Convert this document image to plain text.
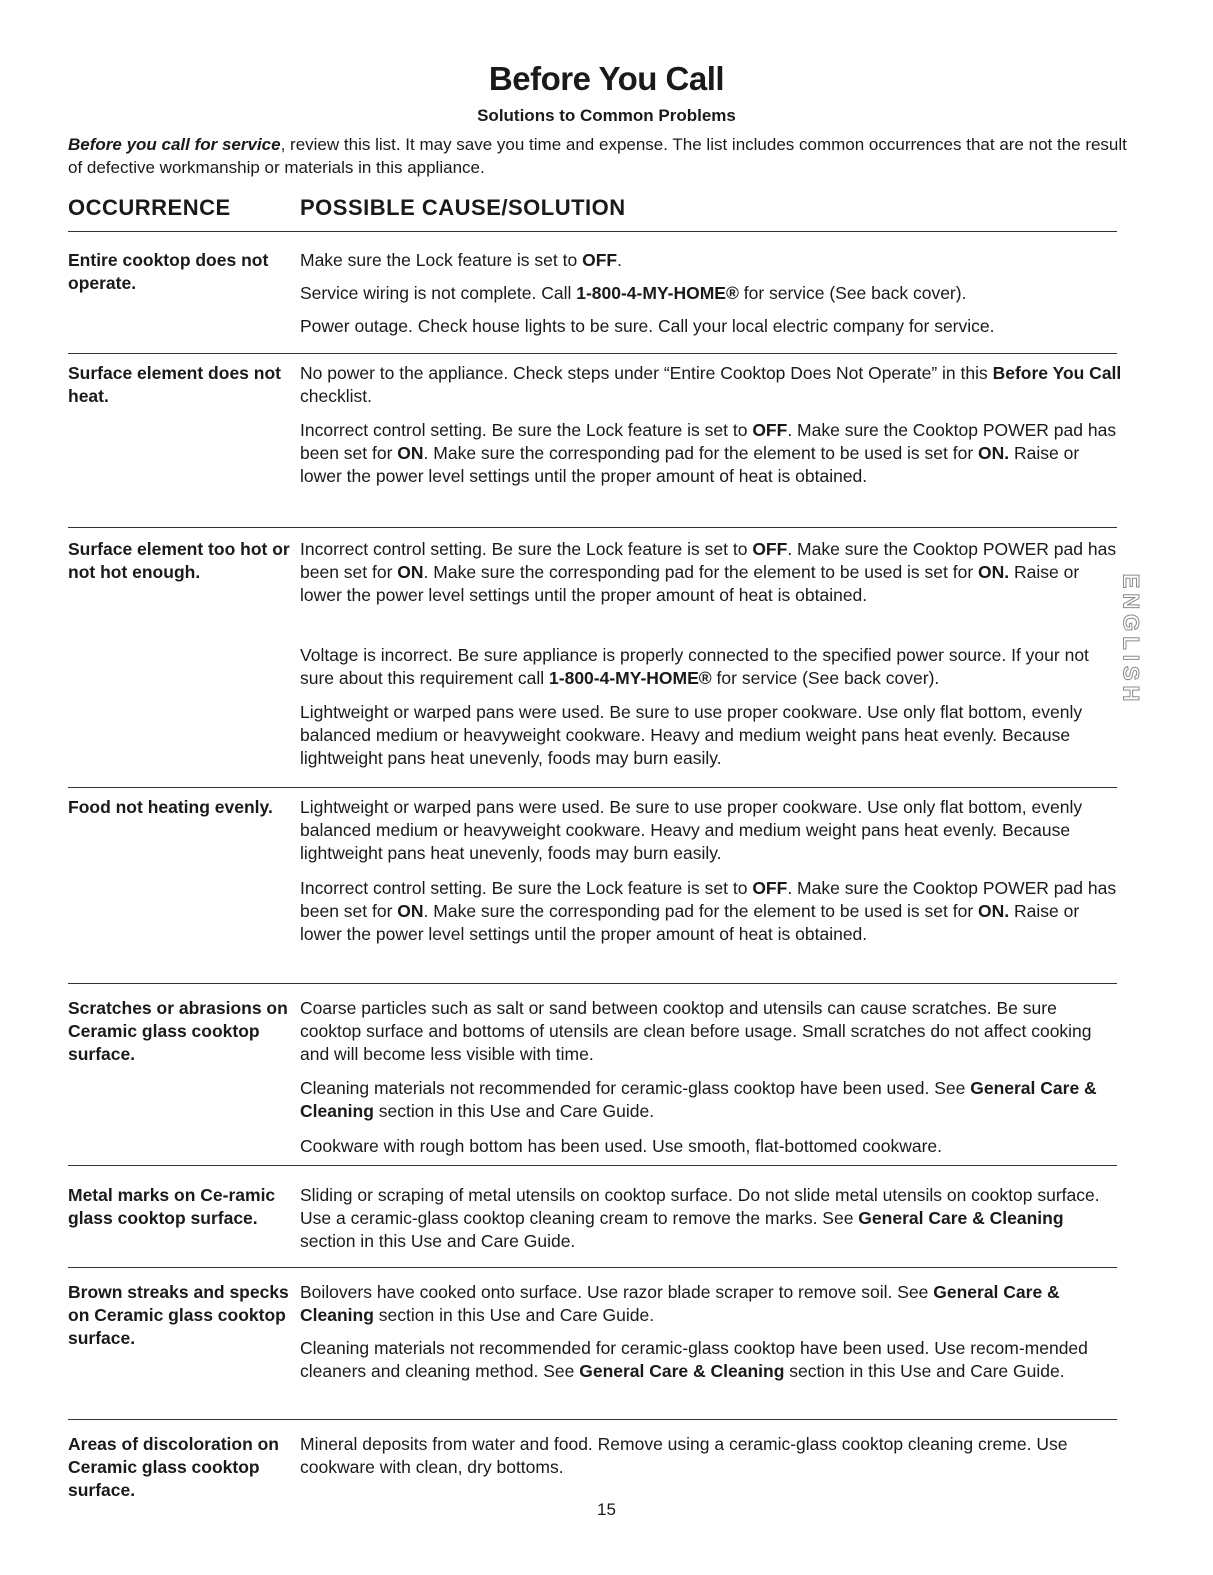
Before You Call
Solutions to Common Problems
Before you call for service, review this list. It may save you time and expense. The list includes common occurrences that are not the result of defective workmanship or materials in this appliance.
OCCURRENCE	POSSIBLE CAUSE/SOLUTION
Entire cooktop does not operate.
Make sure the Lock feature is set to OFF.
Service wiring is not complete. Call 1-800-4-MY-HOME® for service (See back cover).
Power outage. Check house lights to be sure. Call your local electric company for service.
Surface element does not heat.
No power to the appliance. Check steps under “Entire Cooktop Does Not Operate” in this Before You Call checklist.
Incorrect control setting. Be sure the Lock feature is set to OFF. Make sure the Cooktop POWER pad has been set for ON. Make sure the corresponding pad for the element to be used is set for ON. Raise or lower the power level settings until the proper amount of heat is obtained.
Surface element too hot or not hot enough.
Incorrect control setting. Be sure the Lock feature is set to OFF. Make sure the Cooktop POWER pad has been set for ON. Make sure the corresponding pad for the element to be used is set for ON. Raise or lower the power level settings until the proper amount of heat is obtained.
Voltage is incorrect. Be sure appliance is properly connected to the specified power source. If your not sure about this requirement call 1-800-4-MY-HOME® for service (See back cover).
Lightweight or warped pans were used. Be sure to use proper cookware. Use only flat bottom, evenly balanced medium or heavyweight cookware. Heavy and medium weight pans heat evenly. Because lightweight pans heat unevenly, foods may burn easily.
Food not heating evenly.	Lightweight or warped pans were used. Be sure to use proper cookware. Use only flat bottom, evenly balanced medium or heavyweight cookware. Heavy and medium weight pans heat evenly. Because lightweight pans heat unevenly, foods may burn easily.
Incorrect control setting. Be sure the Lock feature is set to OFF. Make sure the Cooktop POWER pad has been set for ON. Make sure the corresponding pad for the element to be used is set for ON. Raise or lower the power level settings until the proper amount of heat is obtained.
Scratches or abrasions on Ceramic glass cooktop surface.
Coarse particles such as salt or sand between cooktop and utensils can cause scratches. Be sure cooktop surface and bottoms of utensils are clean before usage. Small scratches do not affect cooking and will become less visible with time.
Cleaning materials not recommended for ceramic-glass cooktop have been used. See General Care & Cleaning section in this Use and Care Guide.
Cookware with rough bottom has been used. Use smooth, flat-bottomed cookware.
Metal marks on Ce-ramic glass cooktop surface.
Sliding or scraping of metal utensils on cooktop surface. Do not slide metal utensils on cooktop surface. Use a ceramic-glass cooktop cleaning cream to remove the marks. See General Care & Cleaning section in this Use and Care Guide.
Brown streaks and specks on Ceramic glass cooktop surface.
Boilovers have cooked onto surface. Use razor blade scraper to remove soil. See General Care & Cleaning section in this Use and Care Guide.
Cleaning materials not recommended for ceramic-glass cooktop have been used. Use recom-mended cleaners and cleaning method. See General Care & Cleaning section in this Use and Care Guide.
Areas of discoloration on Ceramic glass cooktop surface.
Mineral deposits from water and food. Remove using a ceramic-glass cooktop cleaning creme. Use cookware with clean, dry bottoms.
ENGLISH
15
